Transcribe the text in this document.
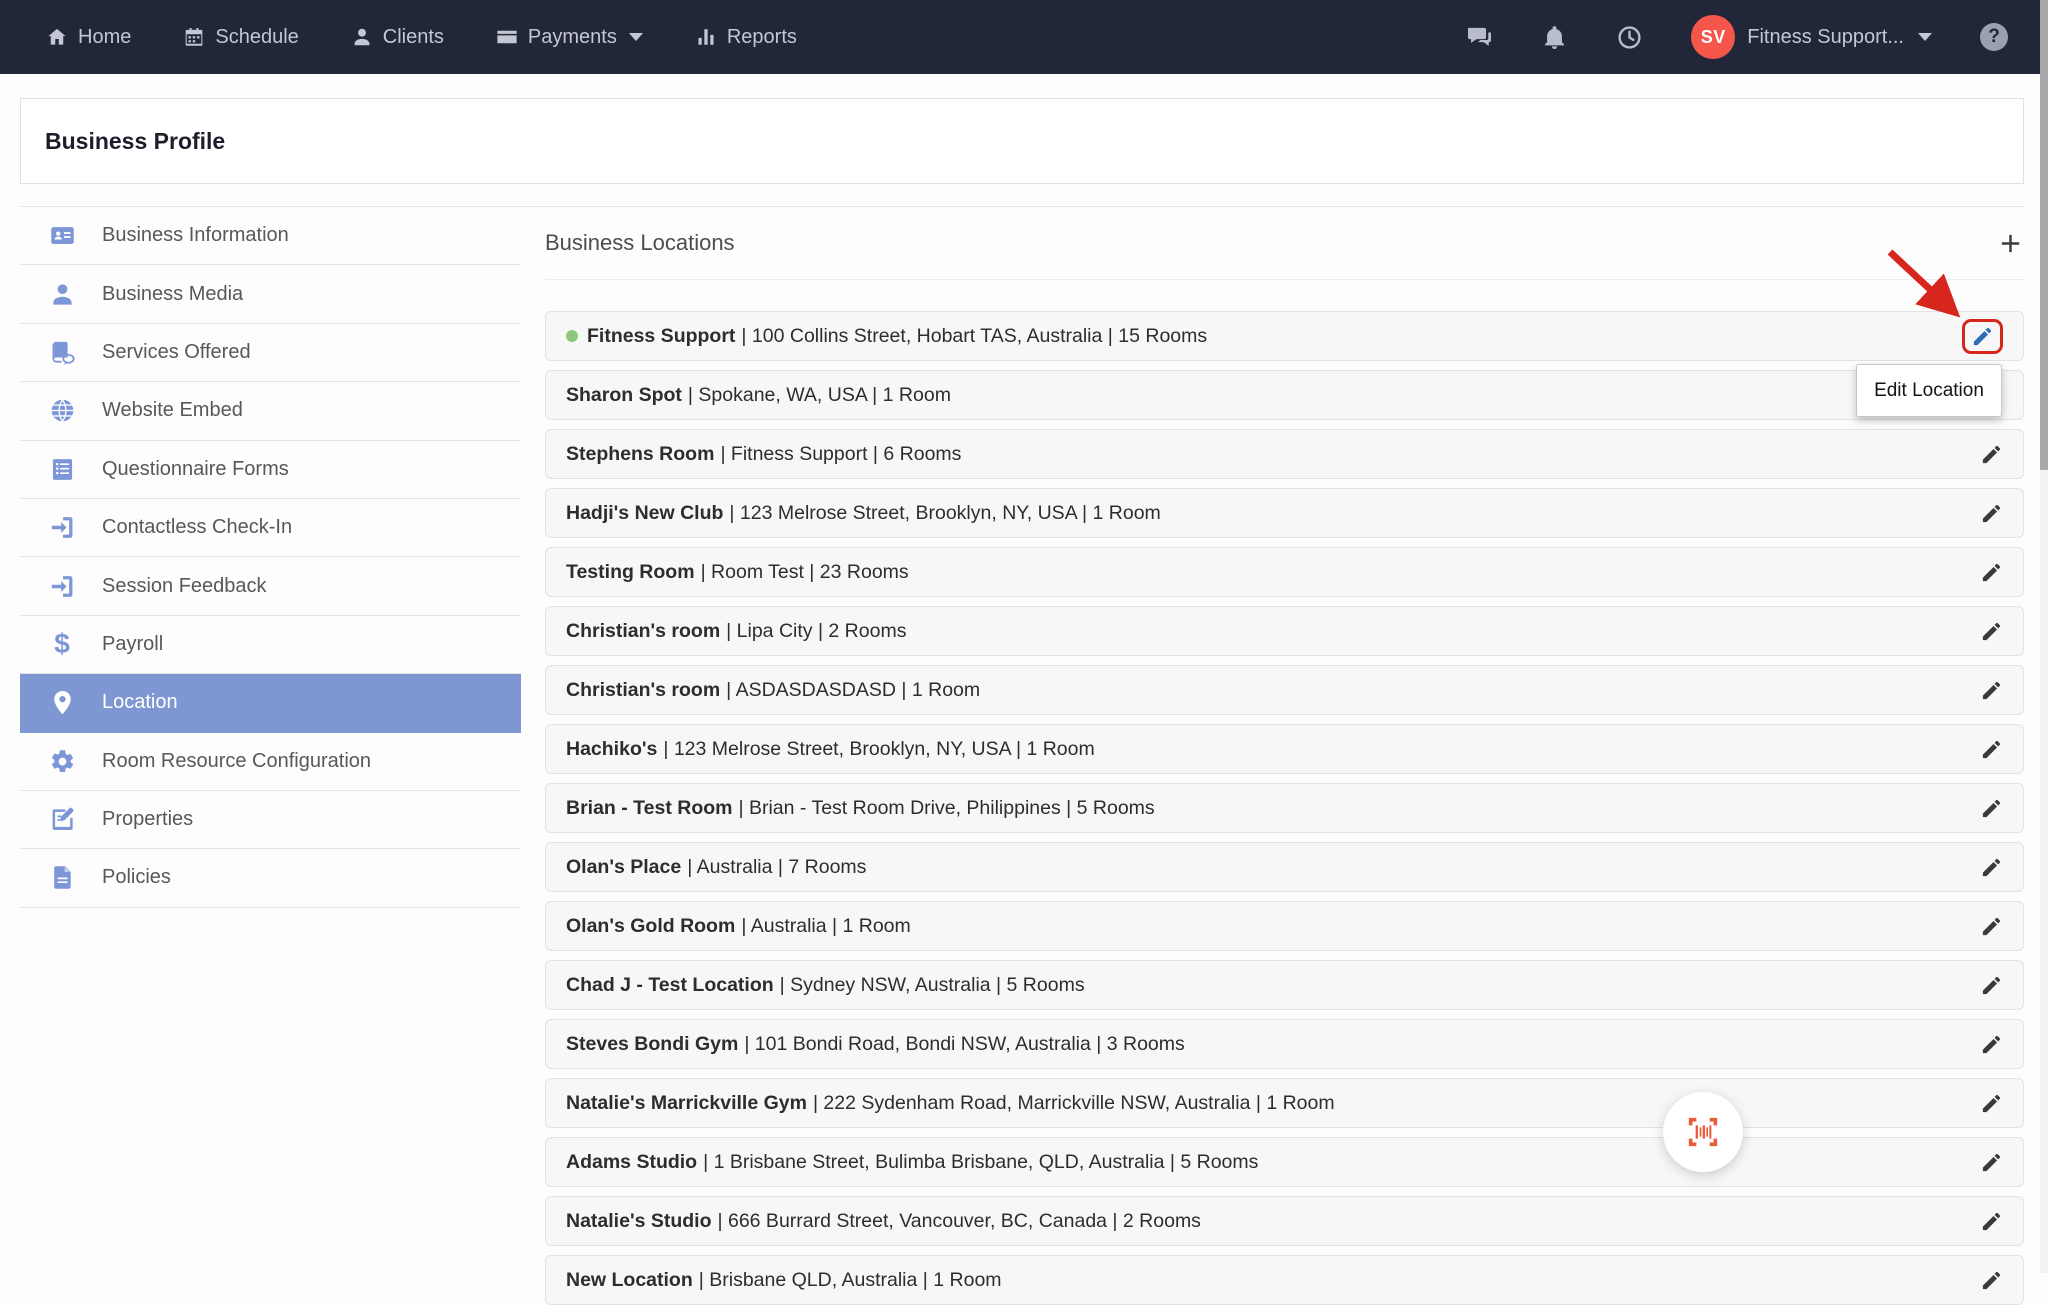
Home	Schedule	Clients	Payments	Reports	SV	Fitness Support...	?
Business Profile
Business Information
Business Media
Services Offered
Website Embed
Questionnaire Forms
Contactless Check-In
Session Feedback
$	Payroll
Location
Room Resource Configuration
Properties
Policies
Business Locations
Fitness Support | 100 Collins Street, Hobart TAS, Australia | 15 Rooms
Sharon Spot | Spokane, WA, USA | 1 Room
Stephens Room | Fitness Support | 6 Rooms
Hadji's New Club | 123 Melrose Street, Brooklyn, NY, USA | 1 Room
Testing Room | Room Test | 23 Rooms
Christian's room | Lipa City | 2 Rooms
Christian's room | ASDASDASDASD | 1 Room
Hachiko's | 123 Melrose Street, Brooklyn, NY, USA | 1 Room
Brian - Test Room | Brian - Test Room Drive, Philippines | 5 Rooms
Olan's Place | Australia | 7 Rooms
Olan's Gold Room | Australia | 1 Room
Chad J - Test Location | Sydney NSW, Australia | 5 Rooms
Steves Bondi Gym | 101 Bondi Road, Bondi NSW, Australia | 3 Rooms
Natalie's Marrickville Gym | 222 Sydenham Road, Marrickville NSW, Australia | 1 Room
Adams Studio | 1 Brisbane Street, Bulimba Brisbane, QLD, Australia | 5 Rooms
Natalie's Studio | 666 Burrard Street, Vancouver, BC, Canada | 2 Rooms
New Location | Brisbane QLD, Australia | 1 Room
Edit Location
